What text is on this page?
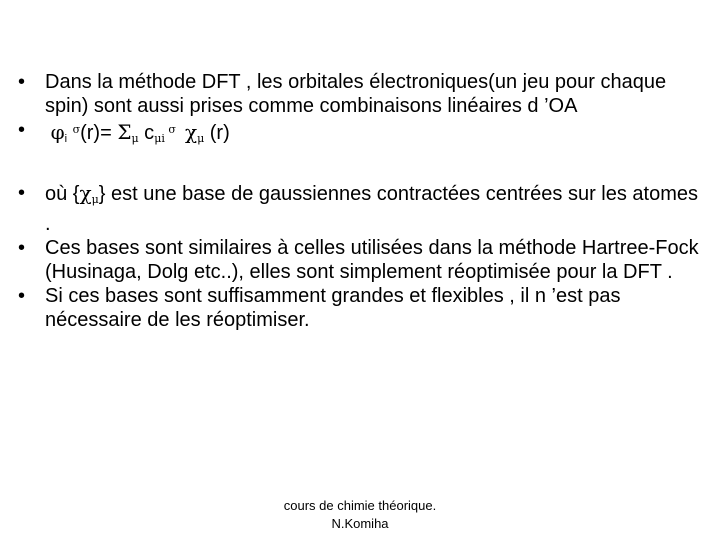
• Dans la méthode DFT , les orbitales électroniques(un jeu pour chaque spin) sont aussi prises comme combinaisons linéaires d ’OA
• $\varphi_i$ $^\sigma(r)= \Sigma_\mu$ $c_{\mu i}$ $^\sigma$  $\chi_\mu$ (r)
• où $\{\chi_\mu\}$ est une base de gaussiennes contractées centrées sur les atomes .
• Ces bases sont similaires à celles utilisées dans la méthode Hartree-Fock (Husinaga, Dolg etc..), elles sont simplement réoptimisée pour la DFT .
• Si ces bases sont suffisamment grandes et flexibles , il n ’est pas nécessaire de les réoptimiser.
cours de chimie théorique.
N.Komiha
